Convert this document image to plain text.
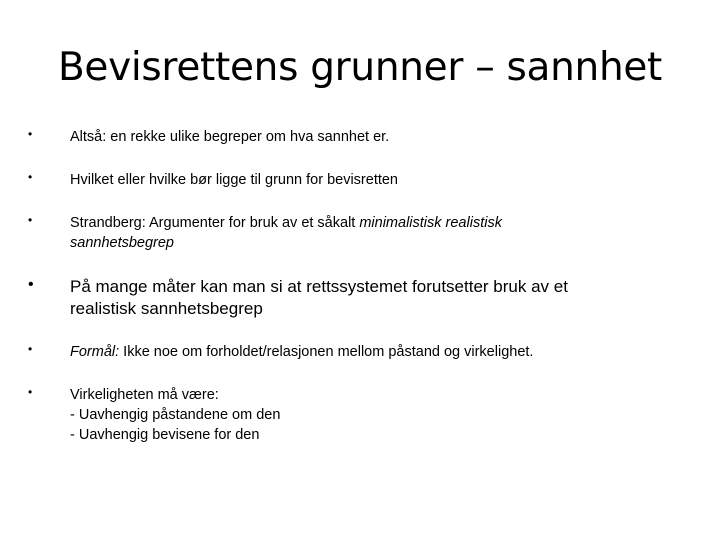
Bevisrettens grunner – sannhet
•	Altså: en rekke ulike begreper om hva sannhet er.
•	Hvilket eller hvilke bør ligge til grunn for bevisretten
•	Strandberg: Argumenter for bruk av et såkalt minimalistisk realistisk
sannhetsbegrep
• På mange måter kan man si at rettssystemet forutsetter bruk av et
realistisk sannhetsbegrep
•	Formål: Ikke noe om forholdet/relasjonen mellom påstand og virkelighet.
•	Virkeligheten må være:
- Uavhengig påstandene om den
- Uavhengig bevisene for den
